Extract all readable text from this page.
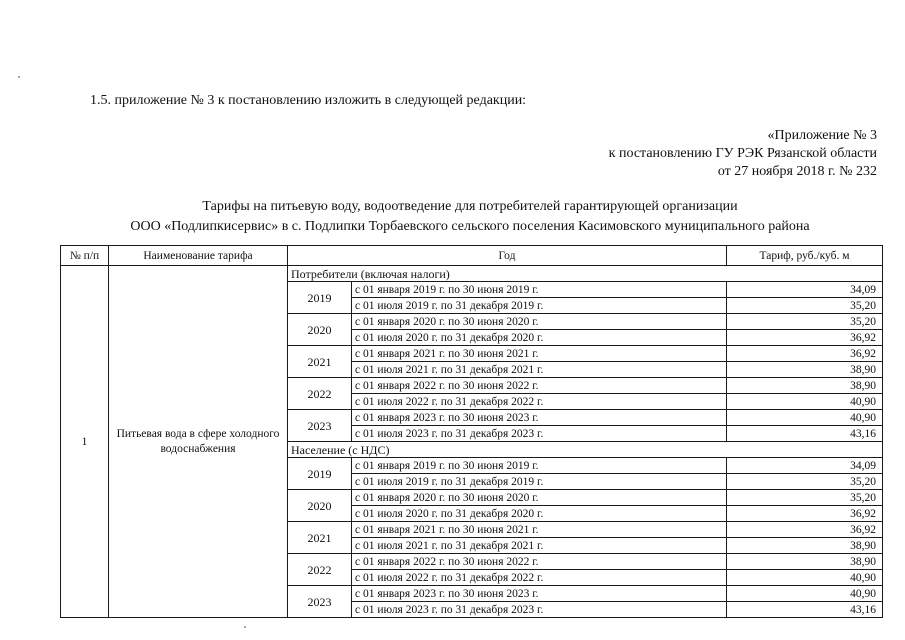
1.5. приложение № 3 к постановлению изложить в следующей редакции:
«Приложение № 3
к постановлению ГУ РЭК Рязанской области
от 27 ноября 2018 г. № 232
Тарифы на питьевую воду, водоотведение для потребителей гарантирующей организации
ООО «Подлипкисервис» в с. Подлипки Торбаевского сельского поселения Касимовского муниципального района
№ п/п	Наименование тарифа	Год		Тариф, руб./куб. м
1	Питьевая вода в сфере холодного водоснабжения	Потребители (включая налоги)		
		2019	с 01 января 2019 г. по 30 июня 2019 г.	34,09
			с 01 июля 2019 г. по 31 декабря 2019 г.	35,20
		2020	с 01 января 2020 г. по 30 июня 2020 г.	35,20
			с 01 июля 2020 г. по 31 декабря 2020 г.	36,92
		2021	с 01 января 2021 г. по 30 июня 2021 г.	36,92
			с 01 июля 2021 г. по 31 декабря 2021 г.	38,90
		2022	с 01 января 2022 г. по 30 июня 2022 г.	38,90
			с 01 июля 2022 г. по 31 декабря 2022 г.	40,90
		2023	с 01 января 2023 г. по 30 июня 2023 г.	40,90
			с 01 июля 2023 г. по 31 декабря 2023 г.	43,16
		Население (с НДС)		
		2019	с 01 января 2019 г. по 30 июня 2019 г.	34,09
			с 01 июля 2019 г. по 31 декабря 2019 г.	35,20
		2020	с 01 января 2020 г. по 30 июня 2020 г.	35,20
			с 01 июля 2020 г. по 31 декабря 2020 г.	36,92
		2021	с 01 января 2021 г. по 30 июня 2021 г.	36,92
			с 01 июля 2021 г. по 31 декабря 2021 г.	38,90
		2022	с 01 января 2022 г. по 30 июня 2022 г.	38,90
			с 01 июля 2022 г. по 31 декабря 2022 г.	40,90
		2023	с 01 января 2023 г. по 30 июня 2023 г.	40,90
			с 01 июля 2023 г. по 31 декабря 2023 г.	43,16
